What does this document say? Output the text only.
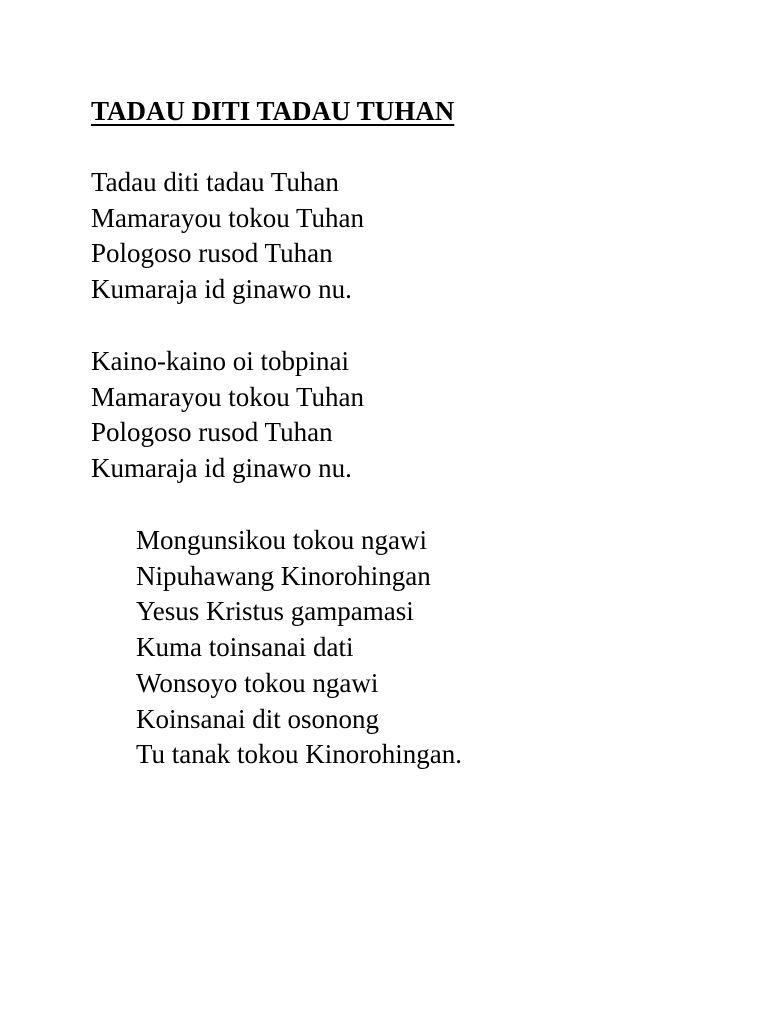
TADAU DITI TADAU TUHAN
Tadau diti tadau Tuhan
Mamarayou tokou Tuhan
Pologoso rusod Tuhan
Kumaraja id ginawo nu.
Kaino-kaino oi tobpinai
Mamarayou tokou Tuhan
Pologoso rusod Tuhan
Kumaraja id ginawo nu.
Mongunsikou tokou ngawi
Nipuhawang Kinorohingan
Yesus Kristus gampamasi
Kuma toinsanai dati
Wonsoyo tokou ngawi
Koinsanai dit osonong
Tu tanak tokou Kinorohingan.
